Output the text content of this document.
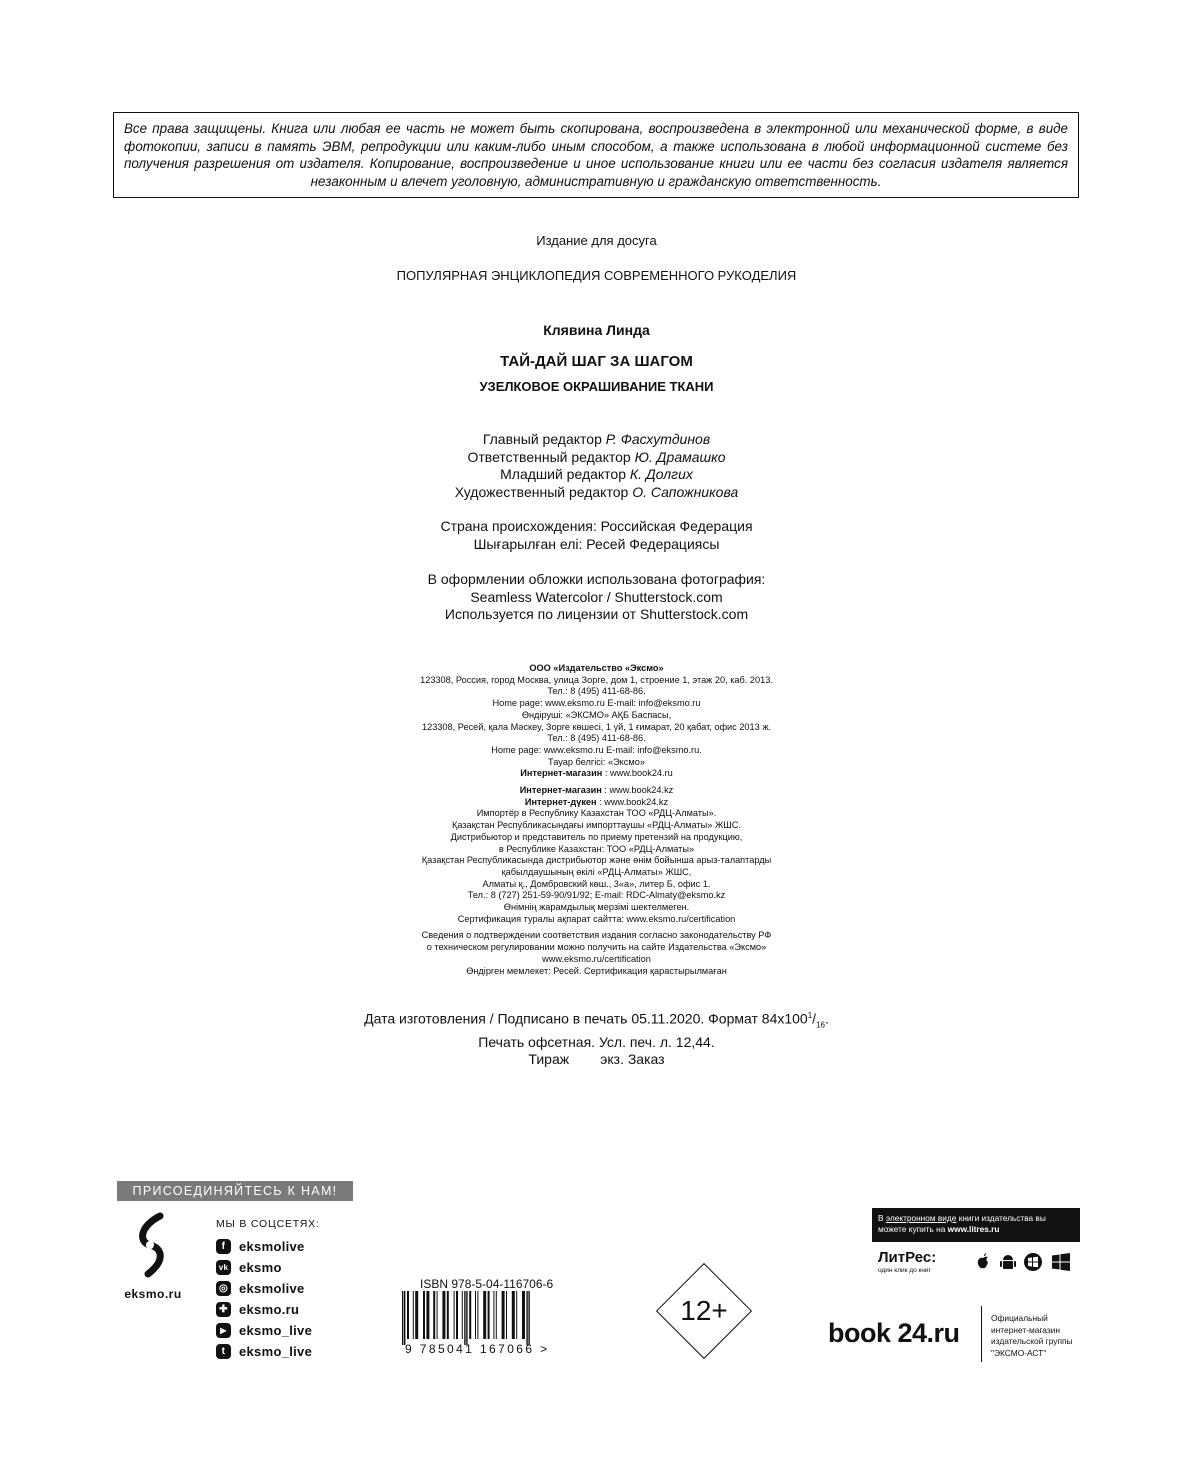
Все права защищены. Книга или любая ее часть не может быть скопирована, воспроизведена в электронной или механической форме, в виде фотокопии, записи в память ЭВМ, репродукции или каким-либо иным способом, а также использована в любой информационной системе без получения разрешения от издателя. Копирование, воспроизведение и иное использование книги или ее части без согласия издателя является незаконным и влечет уголовную, административную и гражданскую ответственность.
Издание для досуга
ПОПУЛЯРНАЯ ЭНЦИКЛОПЕДИЯ СОВРЕМЕННОГО РУКОДЕЛИЯ
Клявина Линда
ТАЙ-ДАЙ ШАГ ЗА ШАГОМ
УЗЕЛКОВОЕ ОКРАШИВАНИЕ ТКАНИ
Главный редактор Р. Фасхутдинов
Ответственный редактор Ю. Драмашко
Младший редактор К. Долгих
Художественный редактор О. Сапожникова
Страна происхождения: Российская Федерация
Шығарылған елі: Ресей Федерациясы
В оформлении обложки использована фотография:
Seamless Watercolor / Shutterstock.com
Используется по лицензии от Shutterstock.com
ООО «Издательство «Эксмо»
123308, Россия, город Москва, улица Зорге, дом 1, строение 1, этаж 20, каб. 2013.
Тел.: 8 (495) 411-68-86.
Home page: www.eksmo.ru E-mail: info@eksmo.ru
Өндіруші: «ЭКСМО» АҚБ Баспасы,
123308, Ресей, қала Мәскеу, Зорге көшесі, 1 үй, 1 ғимарат, 20 қабат, офис 2013 ж.
Тел.: 8 (495) 411-68-86.
Home page: www.eksmo.ru E-mail: info@eksmo.ru.
Тауар белгісі: «Эксмо»
Интернет-магазин : www.book24.ru
Интернет-магазин : www.book24.kz
Интернет-дүкен : www.book24.kz
Импортёр в Республику Казахстан ТОО «РДЦ-Алматы».
Қазақстан Республикасындағы импорттаушы «РДЦ-Алматы» ЖШС.
Дистрибьютор и представитель по приему претензий на продукцию,
в Республике Казахстан: ТОО «РДЦ-Алматы»
Қазақстан Республикасында дистрибьютор және өнім бойынша арыз-талаптарды
қабылдаушының өкілі «РДЦ-Алматы» ЖШС,
Алматы қ., Домбровский көш., 3«а», литер Б, офис 1.
Тел.: 8 (727) 251-59-90/91/92; E-mail: RDC-Almaty@eksmo.kz
Өнімнің жарамдылық мерзімі шектелмеген.
Сертификация туралы ақпарат сайтта: www.eksmo.ru/certification
Сведения о подтверждении соответствия издания согласно законодательству РФ
о техническом регулировании можно получить на сайте Издательства «Эксмо»
www.eksmo.ru/certification
Өндірген мемлекет: Ресей. Сертификация қарастырылмаған
Дата изготовления / Подписано в печать 05.11.2020. Формат $84x100^1/_{16}$.
Печать офсетная. Усл. печ. л. 12,44.
Тираж        экз. Заказ
ПРИСОЕДИНЯЙТЕСЬ К НАМ!
eksmo.ru
МЫ В СОЦСЕТЯХ:
f	eksmolive
vk eksmo
◎ eksmolive
✚ eksmo.ru
▶ eksmo_live
t	eksmo_live
ISBN 978-5-04-116706-6
9 785041 167066 >
12+
В электронном виде книги издательства вы можете купить на www.litres.ru
ЛитРес:
один клик до книг
book 24.ru	Официальный
интернет-магазин
издательской группы
"ЭКСМО-АСТ"
